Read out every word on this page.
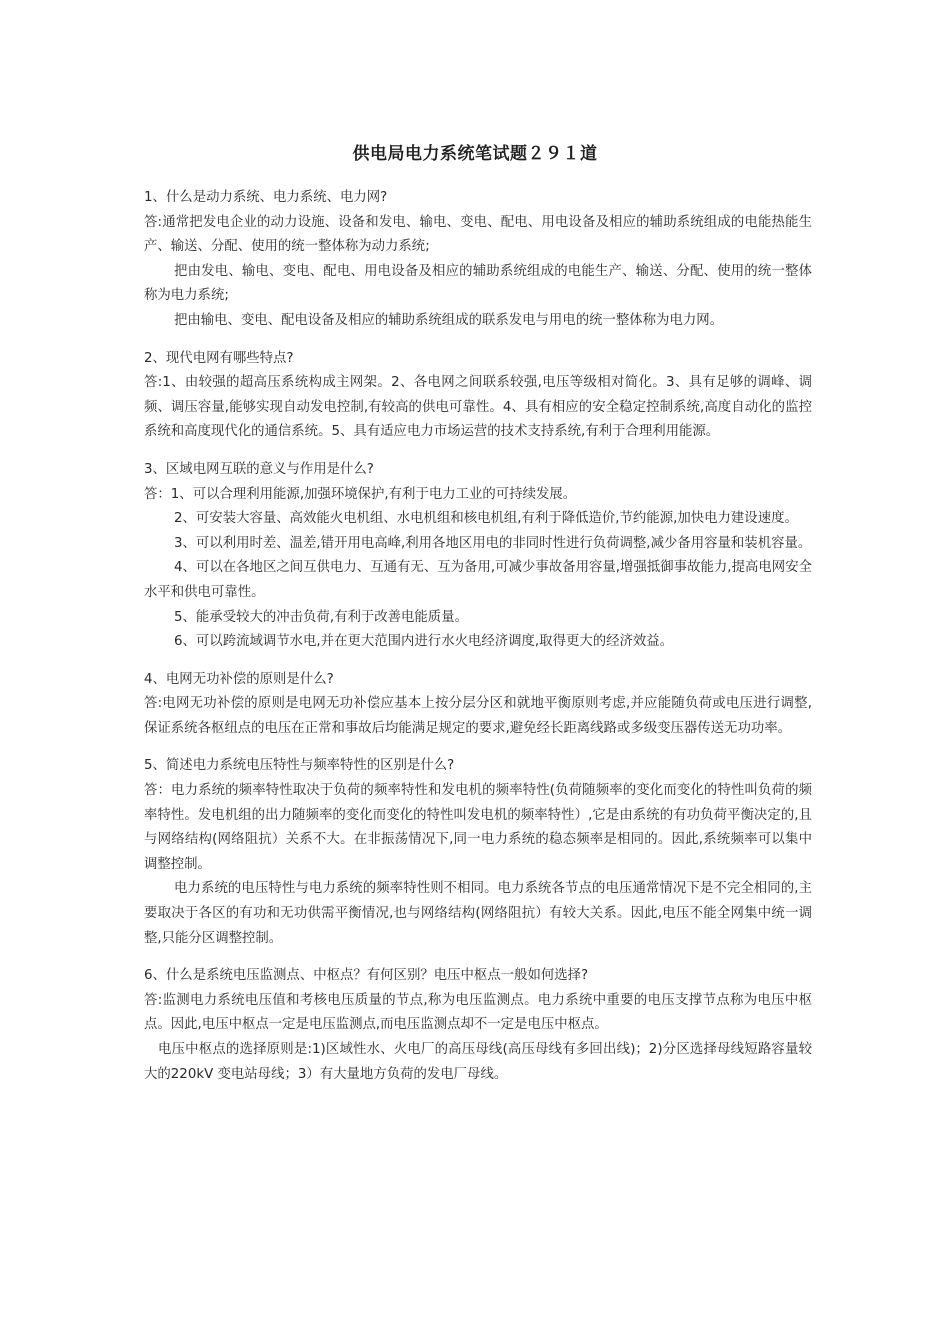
供电局电力系统笔试题２９１道

1、什么是动力系统、电力系统、电力网?

答:通常把发电企业的动力设施、设备和发电、输电、变电、配电、用电设备及相应的辅助系统组成的电能热能生产、输送、分配、使用的统一整体称为动力系统;

把由发电、输电、变电、配电、用电设备及相应的辅助系统组成的电能生产、输送、分配、使用的统一整体称为电力系统;

把由输电、变电、配电设备及相应的辅助系统组成的联系发电与用电的统一整体称为电力网。

2、现代电网有哪些特点?

答:1、由较强的超高压系统构成主网架。2、各电网之间联系较强,电压等级相对简化。3、具有足够的调峰、调频、调压容量,能够实现自动发电控制,有较高的供电可靠性。4、具有相应的安全稳定控制系统,高度自动化的监控系统和高度现代化的通信系统。5、具有适应电力市场运营的技术支持系统,有利于合理利用能源。

3、区域电网互联的意义与作用是什么?

答：1、可以合理利用能源,加强环境保护,有利于电力工业的可持续发展。

2、可安装大容量、高效能火电机组、水电机组和核电机组,有利于降低造价,节约能源,加快电力建设速度。

3、可以利用时差、温差,错开用电高峰,利用各地区用电的非同时性进行负荷调整,减少备用容量和装机容量。

4、可以在各地区之间互供电力、互通有无、互为备用,可减少事故备用容量,增强抵御事故能力,提高电网安全水平和供电可靠性。

5、能承受较大的冲击负荷,有利于改善电能质量。

6、可以跨流域调节水电,并在更大范围内进行水火电经济调度,取得更大的经济效益。

4、电网无功补偿的原则是什么?

答:电网无功补偿的原则是电网无功补偿应基本上按分层分区和就地平衡原则考虑,并应能随负荷或电压进行调整,保证系统各枢纽点的电压在正常和事故后均能满足规定的要求,避免经长距离线路或多级变压器传送无功功率。

5、简述电力系统电压特性与频率特性的区别是什么?

答：电力系统的频率特性取决于负荷的频率特性和发电机的频率特性(负荷随频率的变化而变化的特性叫负荷的频率特性。发电机组的出力随频率的变化而变化的特性叫发电机的频率特性）,它是由系统的有功负荷平衡决定的,且与网络结构(网络阻抗）关系不大。在非振荡情况下,同一电力系统的稳态频率是相同的。因此,系统频率可以集中调整控制。

电力系统的电压特性与电力系统的频率特性则不相同。电力系统各节点的电压通常情况下是不完全相同的,主要取决于各区的有功和无功供需平衡情况,也与网络结构(网络阻抗）有较大关系。因此,电压不能全网集中统一调整,只能分区调整控制。

6、什么是系统电压监测点、中枢点？有何区别？电压中枢点一般如何选择?

答:监测电力系统电压值和考核电压质量的节点,称为电压监测点。电力系统中重要的电压支撑节点称为电压中枢点。因此,电压中枢点一定是电压监测点,而电压监测点却不一定是电压中枢点。

电压中枢点的选择原则是:1)区域性水、火电厂的高压母线(高压母线有多回出线)；2)分区选择母线短路容量较大的220kV 变电站母线；3）有大量地方负荷的发电厂母线。
